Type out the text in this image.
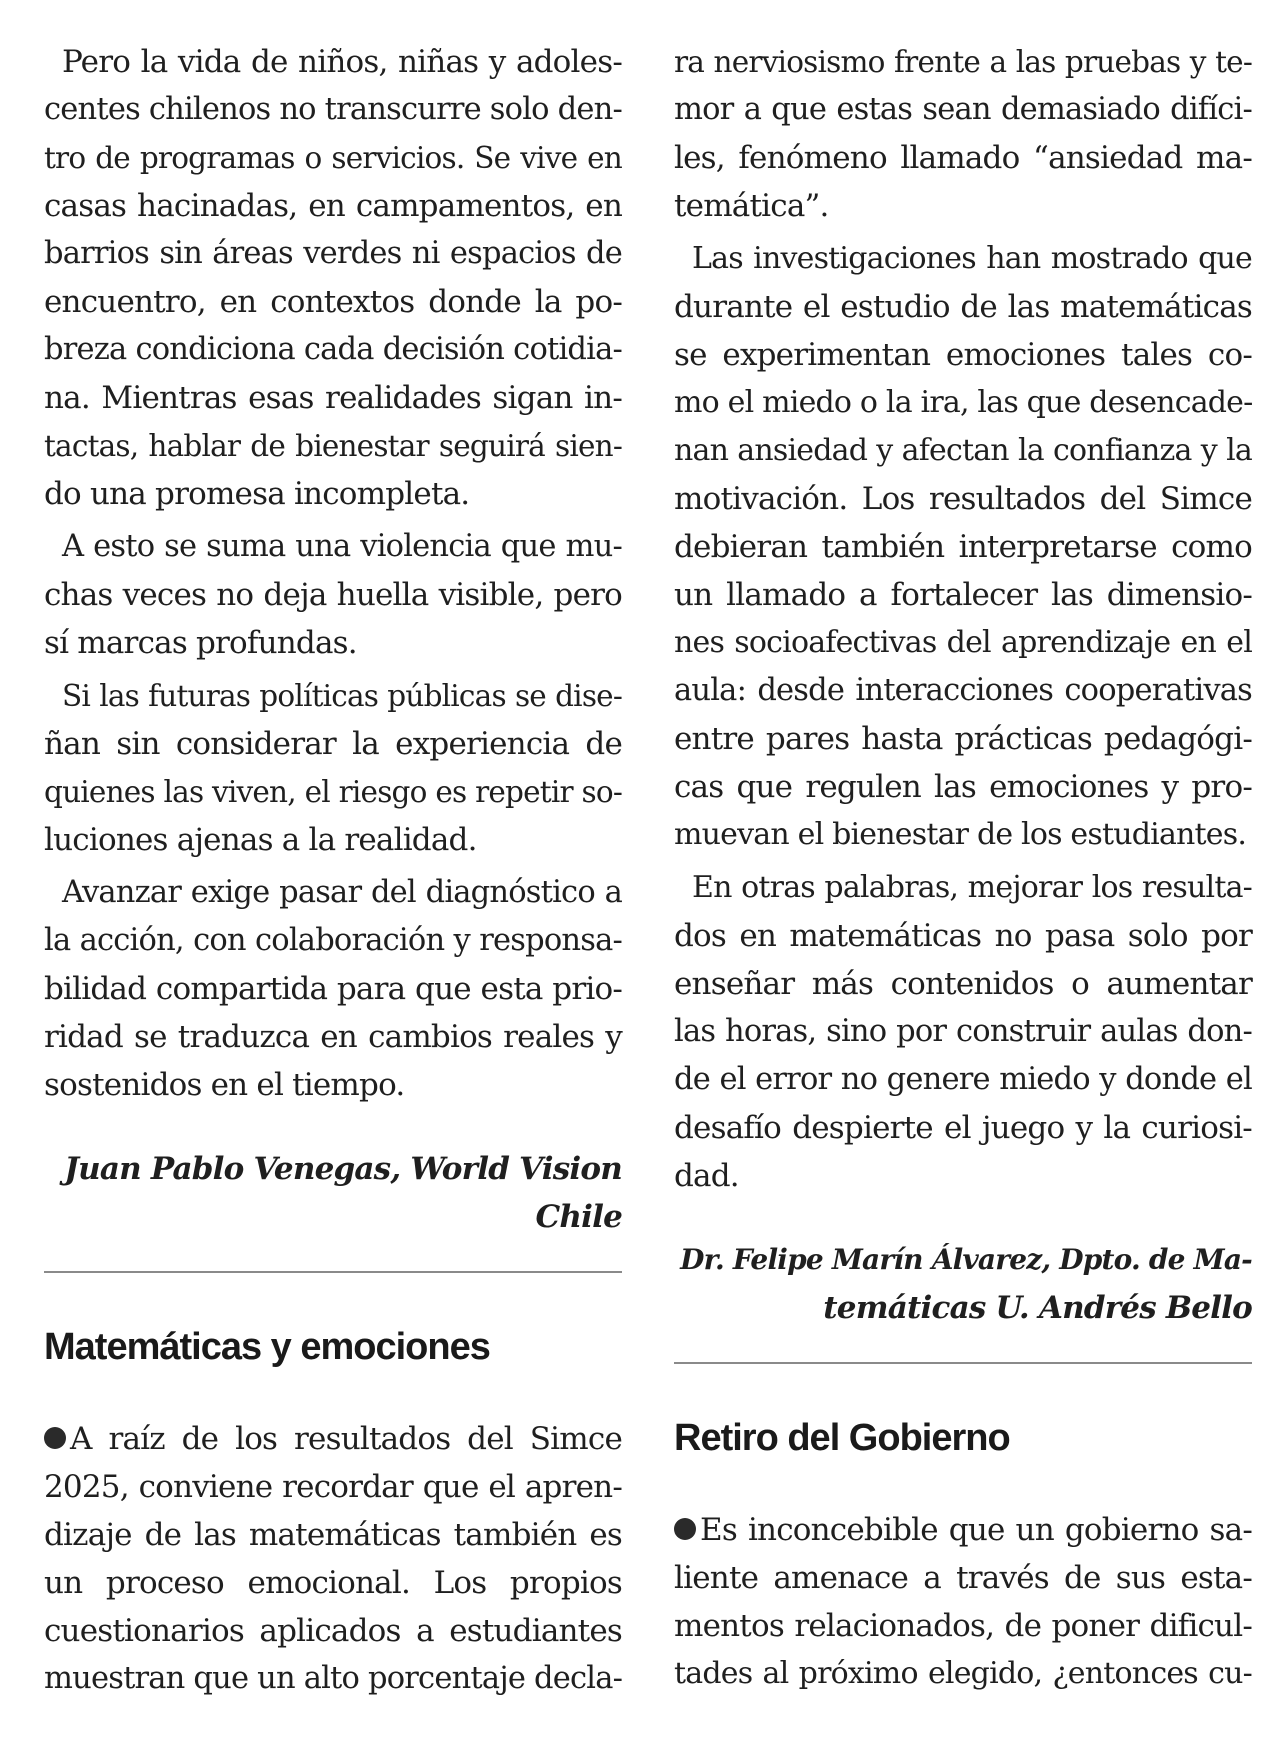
Pero la vida de niños, niñas y adoles-
centes chilenos no transcurre solo den-
tro de programas o servicios. Se vive en
casas hacinadas, en campamentos, en
barrios sin áreas verdes ni espacios de
encuentro, en contextos donde la po-
breza condiciona cada decisión cotidia-
na. Mientras esas realidades sigan in-
tactas, hablar de bienestar seguirá sien-
do una promesa incompleta.
A esto se suma una violencia que mu-
chas veces no deja huella visible, pero
sí marcas profundas.
Si las futuras políticas públicas se dise-
ñan sin considerar la experiencia de
quienes las viven, el riesgo es repetir so-
luciones ajenas a la realidad.
Avanzar exige pasar del diagnóstico a
la acción, con colaboración y responsa-
bilidad compartida para que esta prio-
ridad se traduzca en cambios reales y
sostenidos en el tiempo.
Juan Pablo Venegas, World Vision
Chile
Matemáticas y emociones
A raíz de los resultados del Simce
2025, conviene recordar que el apren-
dizaje de las matemáticas también es
un proceso emocional. Los propios
cuestionarios aplicados a estudiantes
muestran que un alto porcentaje decla-
ra nerviosismo frente a las pruebas y te-
mor a que estas sean demasiado difíci-
les, fenómeno llamado “ansiedad ma-
temática”.
Las investigaciones han mostrado que
durante el estudio de las matemáticas
se experimentan emociones tales co-
mo el miedo o la ira, las que desencade-
nan ansiedad y afectan la confianza y la
motivación. Los resultados del Simce
debieran también interpretarse como
un llamado a fortalecer las dimensio-
nes socioafectivas del aprendizaje en el
aula: desde interacciones cooperativas
entre pares hasta prácticas pedagógi-
cas que regulen las emociones y pro-
muevan el bienestar de los estudiantes.
En otras palabras, mejorar los resulta-
dos en matemáticas no pasa solo por
enseñar más contenidos o aumentar
las horas, sino por construir aulas don-
de el error no genere miedo y donde el
desafío despierte el juego y la curiosi-
dad.
Dr. Felipe Marín Álvarez, Dpto. de Ma-
temáticas U. Andrés Bello
Retiro del Gobierno
Es inconcebible que un gobierno sa-
liente amenace a través de sus esta-
mentos relacionados, de poner dificul-
tades al próximo elegido, ¿entonces cu-
